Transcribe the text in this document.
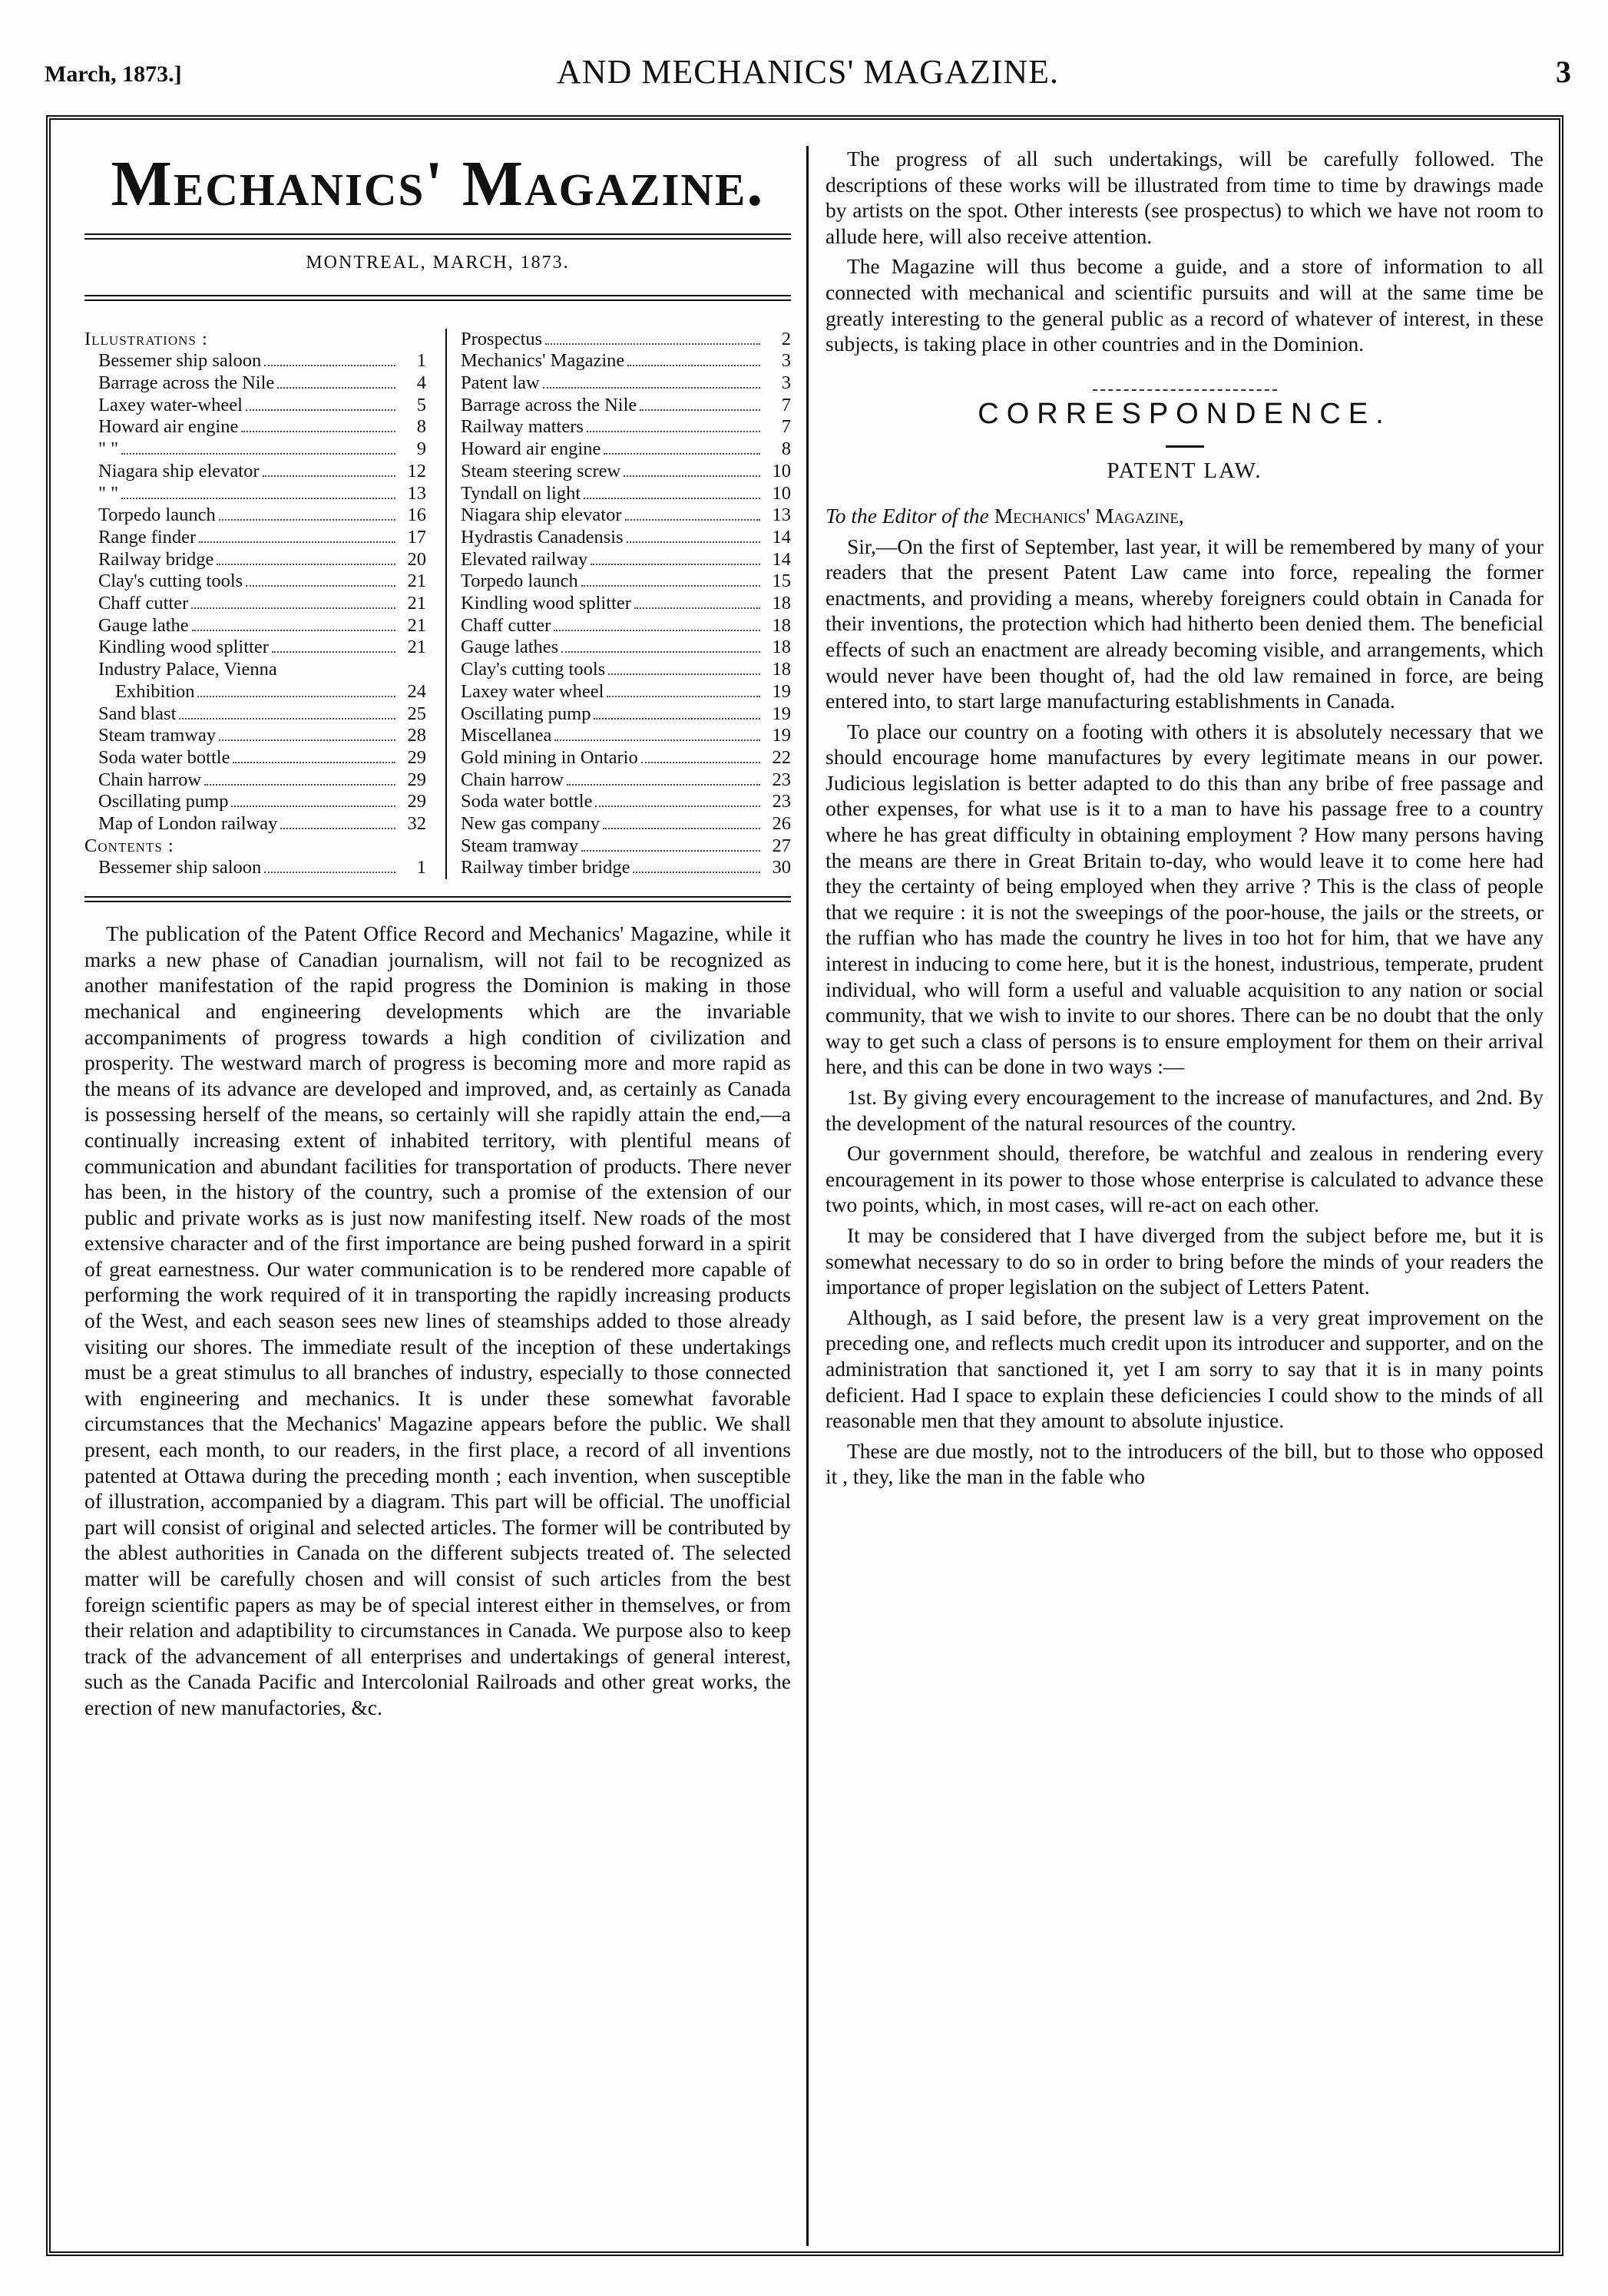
March, 1873.]	AND MECHANICS' MAGAZINE.	3
Mechanics' Magazine.
MONTREAL, MARCH, 1873.
Illustrations :
Bessemer ship saloon	1
Barrage across the Nile	4
Laxey water-wheel	5
Howard air engine	8
" "	9
Niagara ship elevator	12
" "	13
Torpedo launch	16
Range finder	17
Railway bridge	20
Clay's cutting tools	21
Chaff cutter	21
Gauge lathe	21
Kindling wood splitter	21
Industry Palace, Vienna
Exhibition	24
Sand blast	25
Steam tramway	28
Soda water bottle	29
Chain harrow	29
Oscillating pump	29
Map of London railway	32
Contents :
Bessemer ship saloon	1
Prospectus	2
Mechanics' Magazine	3
Patent law	3
Barrage across the Nile	7
Railway matters	7
Howard air engine	8
Steam steering screw	10
Tyndall on light	10
Niagara ship elevator	13
Hydrastis Canadensis	14
Elevated railway	14
Torpedo launch	15
Kindling wood splitter	18
Chaff cutter	18
Gauge lathes	18
Clay's cutting tools	18
Laxey water wheel	19
Oscillating pump	19
Miscellanea	19
Gold mining in Ontario	22
Chain harrow	23
Soda water bottle	23
New gas company	26
Steam tramway	27
Railway timber bridge	30

The publication of the Patent Office Record and Mechanics' Magazine, while it marks a new phase of Canadian journalism, will not fail to be recognized as another manifestation of the rapid progress the Dominion is making in those mechanical and engineering developments which are the invariable accompaniments of progress towards a high condition of civilization and prosperity. The westward march of progress is becoming more and more rapid as the means of its advance are developed and improved, and, as certainly as Canada is possessing herself of the means, so certainly will she rapidly attain the end,—a continually increasing extent of inhabited territory, with plentiful means of communication and abundant facilities for transportation of products. There never has been, in the history of the country, such a promise of the extension of our public and private works as is just now manifesting itself. New roads of the most extensive character and of the first importance are being pushed forward in a spirit of great earnestness. Our water communication is to be rendered more capable of performing the work required of it in transporting the rapidly increasing products of the West, and each season sees new lines of steamships added to those already visiting our shores. The immediate result of the inception of these undertakings must be a great stimulus to all branches of industry, especially to those connected with engineering and mechanics. It is under these somewhat favorable circumstances that the Mechanics' Magazine appears before the public. We shall present, each month, to our readers, in the first place, a record of all inventions patented at Ottawa during the preceding month ; each invention, when susceptible of illustration, accompanied by a diagram. This part will be official. The unofficial part will consist of original and selected articles. The former will be contributed by the ablest authorities in Canada on the different subjects treated of. The selected matter will be carefully chosen and will consist of such articles from the best foreign scientific papers as may be of special interest either in themselves, or from their relation and adaptibility to circumstances in Canada. We purpose also to keep track of the advancement of all enterprises and undertakings of general interest, such as the Canada Pacific and Intercolonial Railroads and other great works, the erection of new manufactories, &c.

The progress of all such undertakings, will be carefully followed. The descriptions of these works will be illustrated from time to time by drawings made by artists on the spot. Other interests (see prospectus) to which we have not room to allude here, will also receive attention.

The Magazine will thus become a guide, and a store of information to all connected with mechanical and scientific pursuits and will at the same time be greatly interesting to the general public as a record of whatever of interest, in these subjects, is taking place in other countries and in the Dominion.

CORRESPONDENCE.
PATENT LAW.

To the Editor of the Mechanics' Magazine,

Sir,—On the first of September, last year, it will be remembered by many of your readers that the present Patent Law came into force, repealing the former enactments, and providing a means, whereby foreigners could obtain in Canada for their inventions, the protection which had hitherto been denied them. The beneficial effects of such an enactment are already becoming visible, and arrangements, which would never have been thought of, had the old law remained in force, are being entered into, to start large manufacturing establishments in Canada.

To place our country on a footing with others it is absolutely necessary that we should encourage home manufactures by every legitimate means in our power. Judicious legislation is better adapted to do this than any bribe of free passage and other expenses, for what use is it to a man to have his passage free to a country where he has great difficulty in obtaining employment ? How many persons having the means are there in Great Britain to-day, who would leave it to come here had they the certainty of being employed when they arrive ? This is the class of people that we require : it is not the sweepings of the poor-house, the jails or the streets, or the ruffian who has made the country he lives in too hot for him, that we have any interest in inducing to come here, but it is the honest, industrious, temperate, prudent individual, who will form a useful and valuable acquisition to any nation or social community, that we wish to invite to our shores. There can be no doubt that the only way to get such a class of persons is to ensure employment for them on their arrival here, and this can be done in two ways :—

1st. By giving every encouragement to the increase of manufactures, and 2nd. By the development of the natural resources of the country.

Our government should, therefore, be watchful and zealous in rendering every encouragement in its power to those whose enterprise is calculated to advance these two points, which, in most cases, will re-act on each other.

It may be considered that I have diverged from the subject before me, but it is somewhat necessary to do so in order to bring before the minds of your readers the importance of proper legislation on the subject of Letters Patent.

Although, as I said before, the present law is a very great improvement on the preceding one, and reflects much credit upon its introducer and supporter, and on the administration that sanctioned it, yet I am sorry to say that it is in many points deficient. Had I space to explain these deficiencies I could show to the minds of all reasonable men that they amount to absolute injustice.

These are due mostly, not to the introducers of the bill, but to those who opposed it , they, like the man in the fable who
